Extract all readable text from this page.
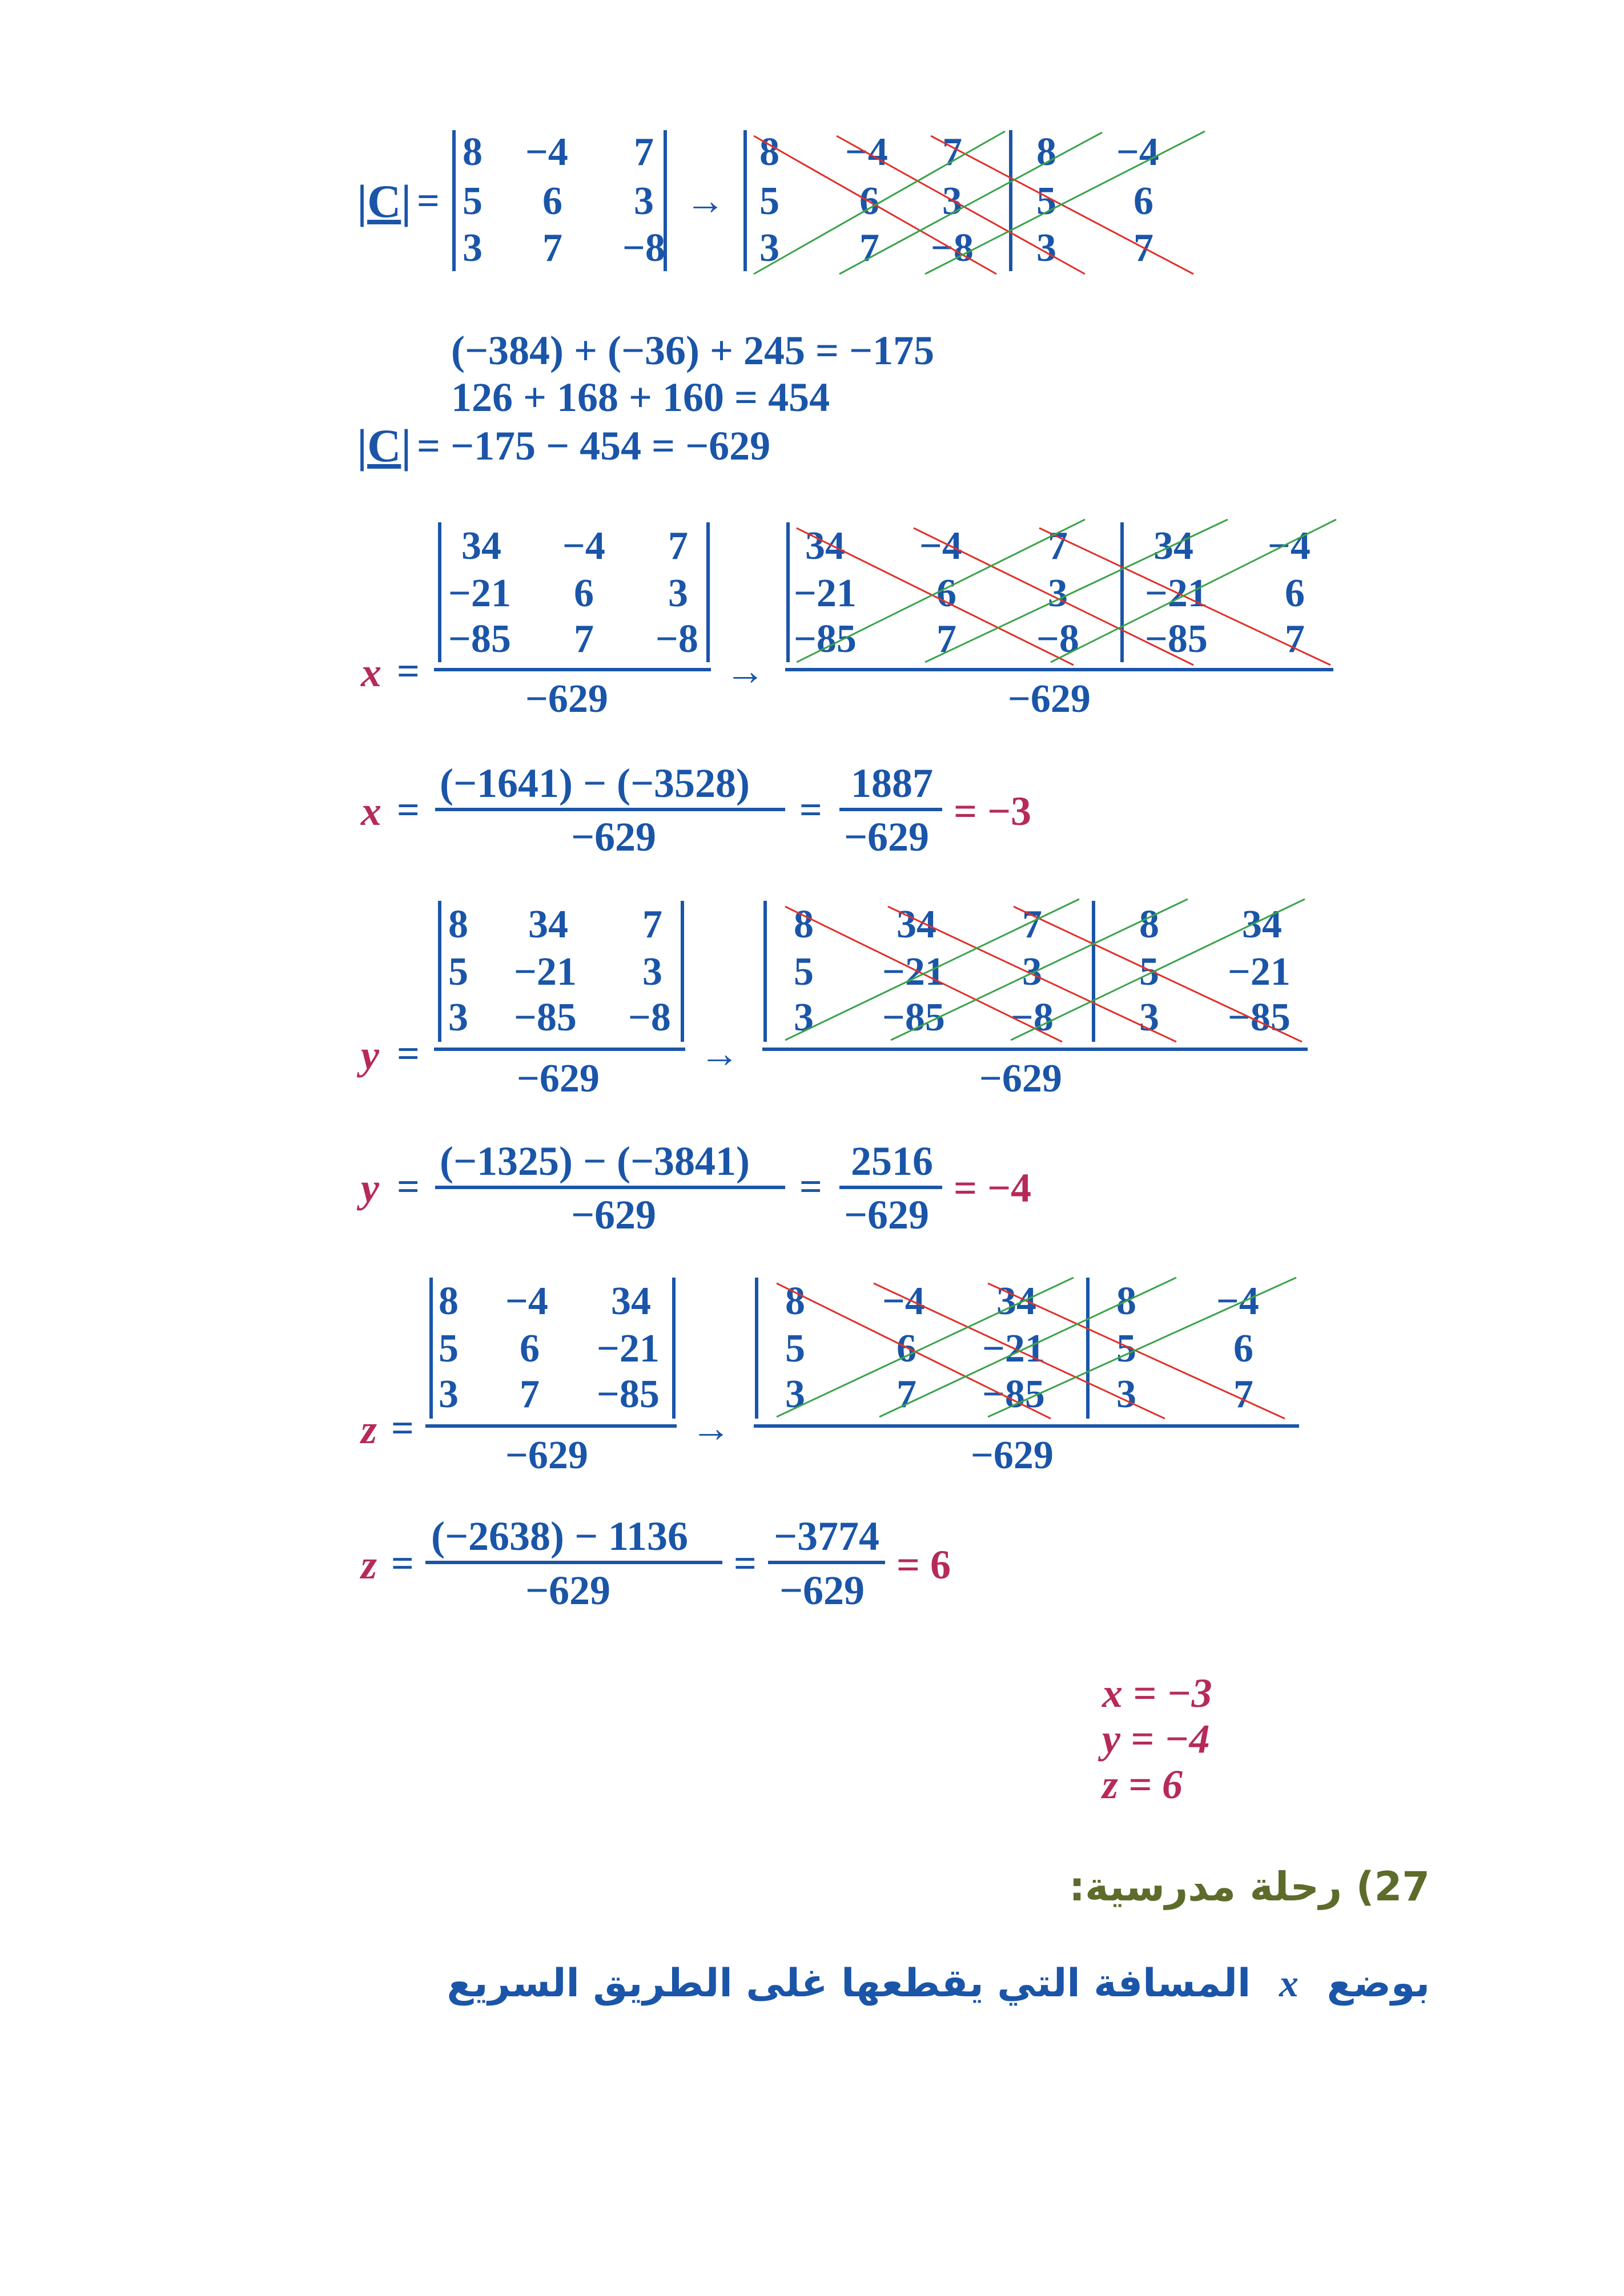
|C| =
8 −4 7
5 6 3
3 7 −8
→
8 −4 7 8 −4
5 6 3 5 6
3 7 −8 3 7
(−384) + (−36) + 245 = −175
126 + 168 + 160 = 454
|C| = −175 − 454 = −629
x =
34 −4 7
−21 6 3
−85 7 −8
−629
→
34 −4 7 34 −4
−21 6 3 −21 6
−85 7 −8 −85 7
−629
x =
(−1641) − (−3528)
−629
=
1887
−629
= −3
y =
8 34 7
5 −21 3
3 −85 −8
−629
→
8 34 7 8 34
5 −21 3 5 −21
3 −85 −8 3 −85
−629
y =
(−1325) − (−3841)
−629
=
2516
−629
= −4
z =
8 −4 34
5 6 −21
3 7 −85
−629
→
8 −4 34 8 −4
5 6 −21 5 6
3 7 −85 3 7
−629
z =
(−2638) − 1136
−629
=
−3774
−629
= 6
x = −3
y = −4
z = 6
27) رحلة مدرسية:
بوضع x المسافة التي يقطعها غلى الطريق السريع
